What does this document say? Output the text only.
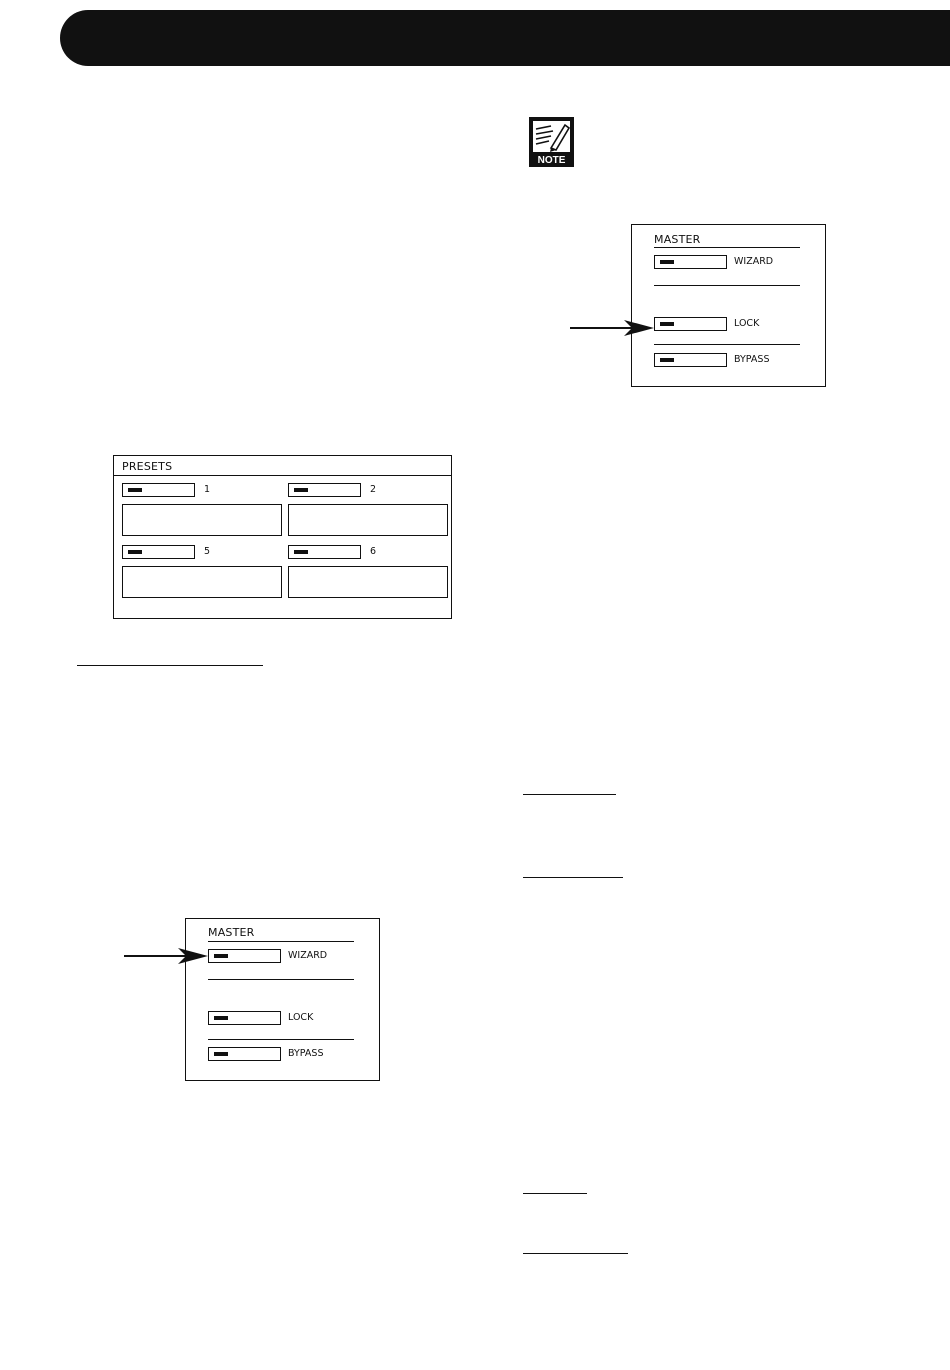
NOTE
MASTER
WIZARD
LOCK
BYPASS
PRESETS
1	2
5	6
MASTER
WIZARD
LOCK
BYPASS
